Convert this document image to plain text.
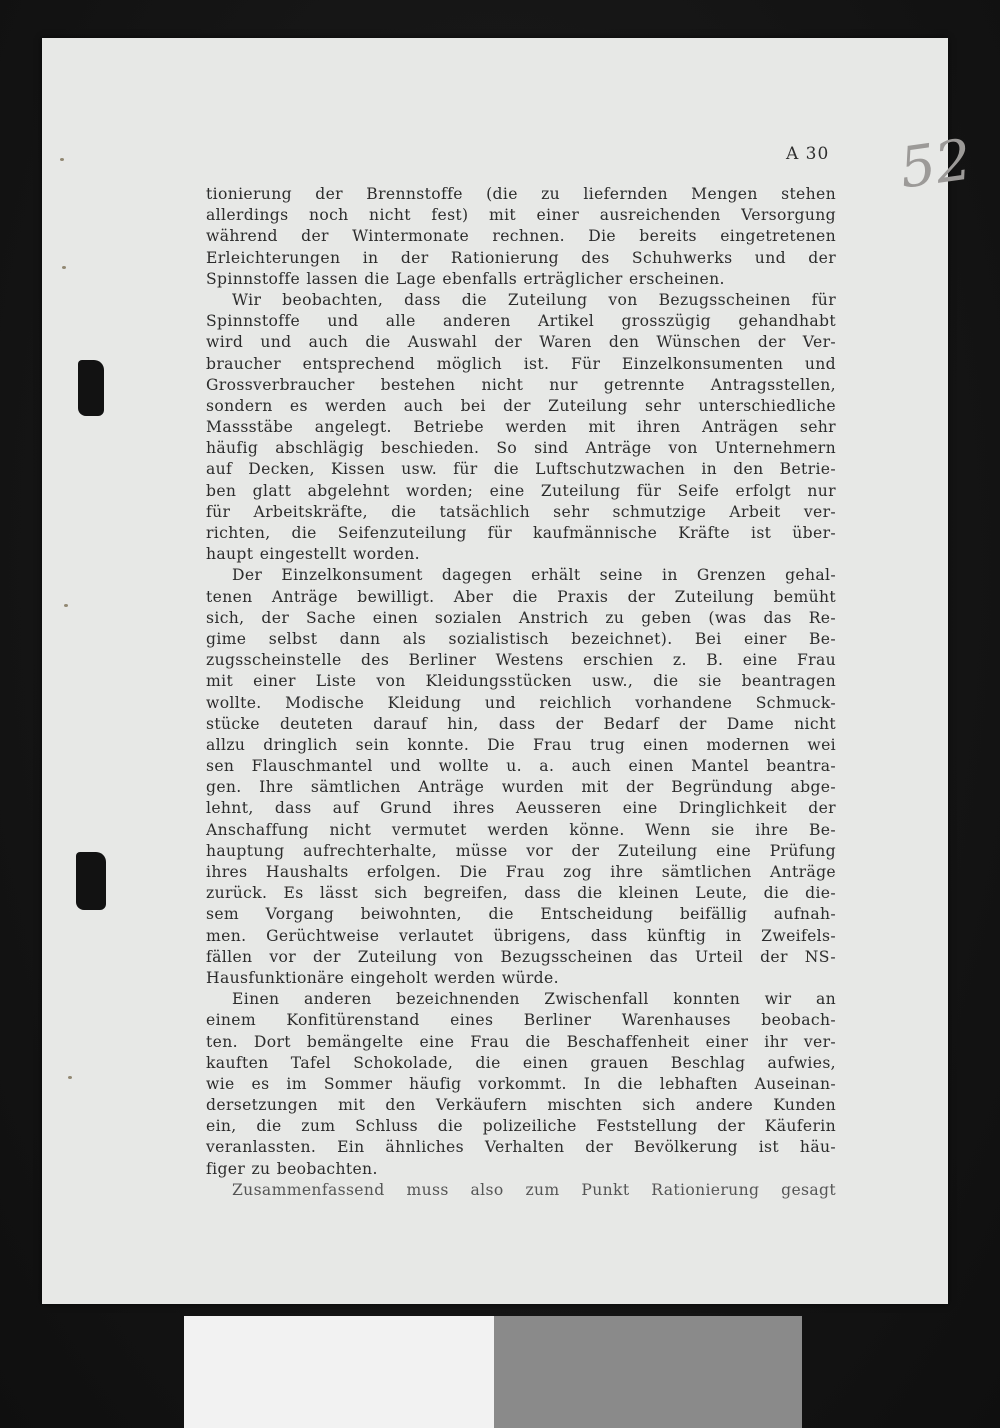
52
A 30
tionierung der Brennstoffe (die zu liefernden Mengen stehen
allerdings noch nicht fest) mit einer ausreichenden Versorgung
während der Wintermonate rechnen. Die bereits eingetretenen
Erleichterungen in der Rationierung des Schuhwerks und der
Spinnstoffe lassen die Lage ebenfalls erträglicher erscheinen.
Wir beobachten, dass die Zuteilung von Bezugsscheinen für
Spinnstoffe und alle anderen Artikel grosszügig gehandhabt
wird und auch die Auswahl der Waren den Wünschen der Ver-
braucher entsprechend möglich ist. Für Einzelkonsumenten und
Grossverbraucher bestehen nicht nur getrennte Antragsstellen,
sondern es werden auch bei der Zuteilung sehr unterschiedliche
Massstäbe angelegt. Betriebe werden mit ihren Anträgen sehr
häufig abschlägig beschieden. So sind Anträge von Unternehmern
auf Decken, Kissen usw. für die Luftschutzwachen in den Betrie-
ben glatt abgelehnt worden; eine Zuteilung für Seife erfolgt nur
für Arbeitskräfte, die tatsächlich sehr schmutzige Arbeit ver-
richten, die Seifenzuteilung für kaufmännische Kräfte ist über-
haupt eingestellt worden.
Der Einzelkonsument dagegen erhält seine in Grenzen gehal-
tenen Anträge bewilligt. Aber die Praxis der Zuteilung bemüht
sich, der Sache einen sozialen Anstrich zu geben (was das Re-
gime selbst dann als sozialistisch bezeichnet). Bei einer Be-
zugsscheinstelle des Berliner Westens erschien z. B. eine Frau
mit einer Liste von Kleidungsstücken usw., die sie beantragen
wollte. Modische Kleidung und reichlich vorhandene Schmuck-
stücke deuteten darauf hin, dass der Bedarf der Dame nicht
allzu dringlich sein konnte. Die Frau trug einen modernen wei
sen Flauschmantel und wollte u. a. auch einen Mantel beantra-
gen. Ihre sämtlichen Anträge wurden mit der Begründung abge-
lehnt, dass auf Grund ihres Aeusseren eine Dringlichkeit der
Anschaffung nicht vermutet werden könne. Wenn sie ihre Be-
hauptung aufrechterhalte, müsse vor der Zuteilung eine Prüfung
ihres Haushalts erfolgen. Die Frau zog ihre sämtlichen Anträge
zurück. Es lässt sich begreifen, dass die kleinen Leute, die die-
sem Vorgang beiwohnten, die Entscheidung beifällig aufnah-
men. Gerüchtweise verlautet übrigens, dass künftig in Zweifels-
fällen vor der Zuteilung von Bezugsscheinen das Urteil der NS-
Hausfunktionäre eingeholt werden würde.
Einen anderen bezeichnenden Zwischenfall konnten wir an
einem Konfitürenstand eines Berliner Warenhauses beobach-
ten. Dort bemängelte eine Frau die Beschaffenheit einer ihr ver-
kauften Tafel Schokolade, die einen grauen Beschlag aufwies,
wie es im Sommer häufig vorkommt. In die lebhaften Auseinan-
dersetzungen mit den Verkäufern mischten sich andere Kunden
ein, die zum Schluss die polizeiliche Feststellung der Käuferin
veranlassten. Ein ähnliches Verhalten der Bevölkerung ist häu-
figer zu beobachten.
Zusammenfassend muss also zum Punkt Rationierung gesagt
